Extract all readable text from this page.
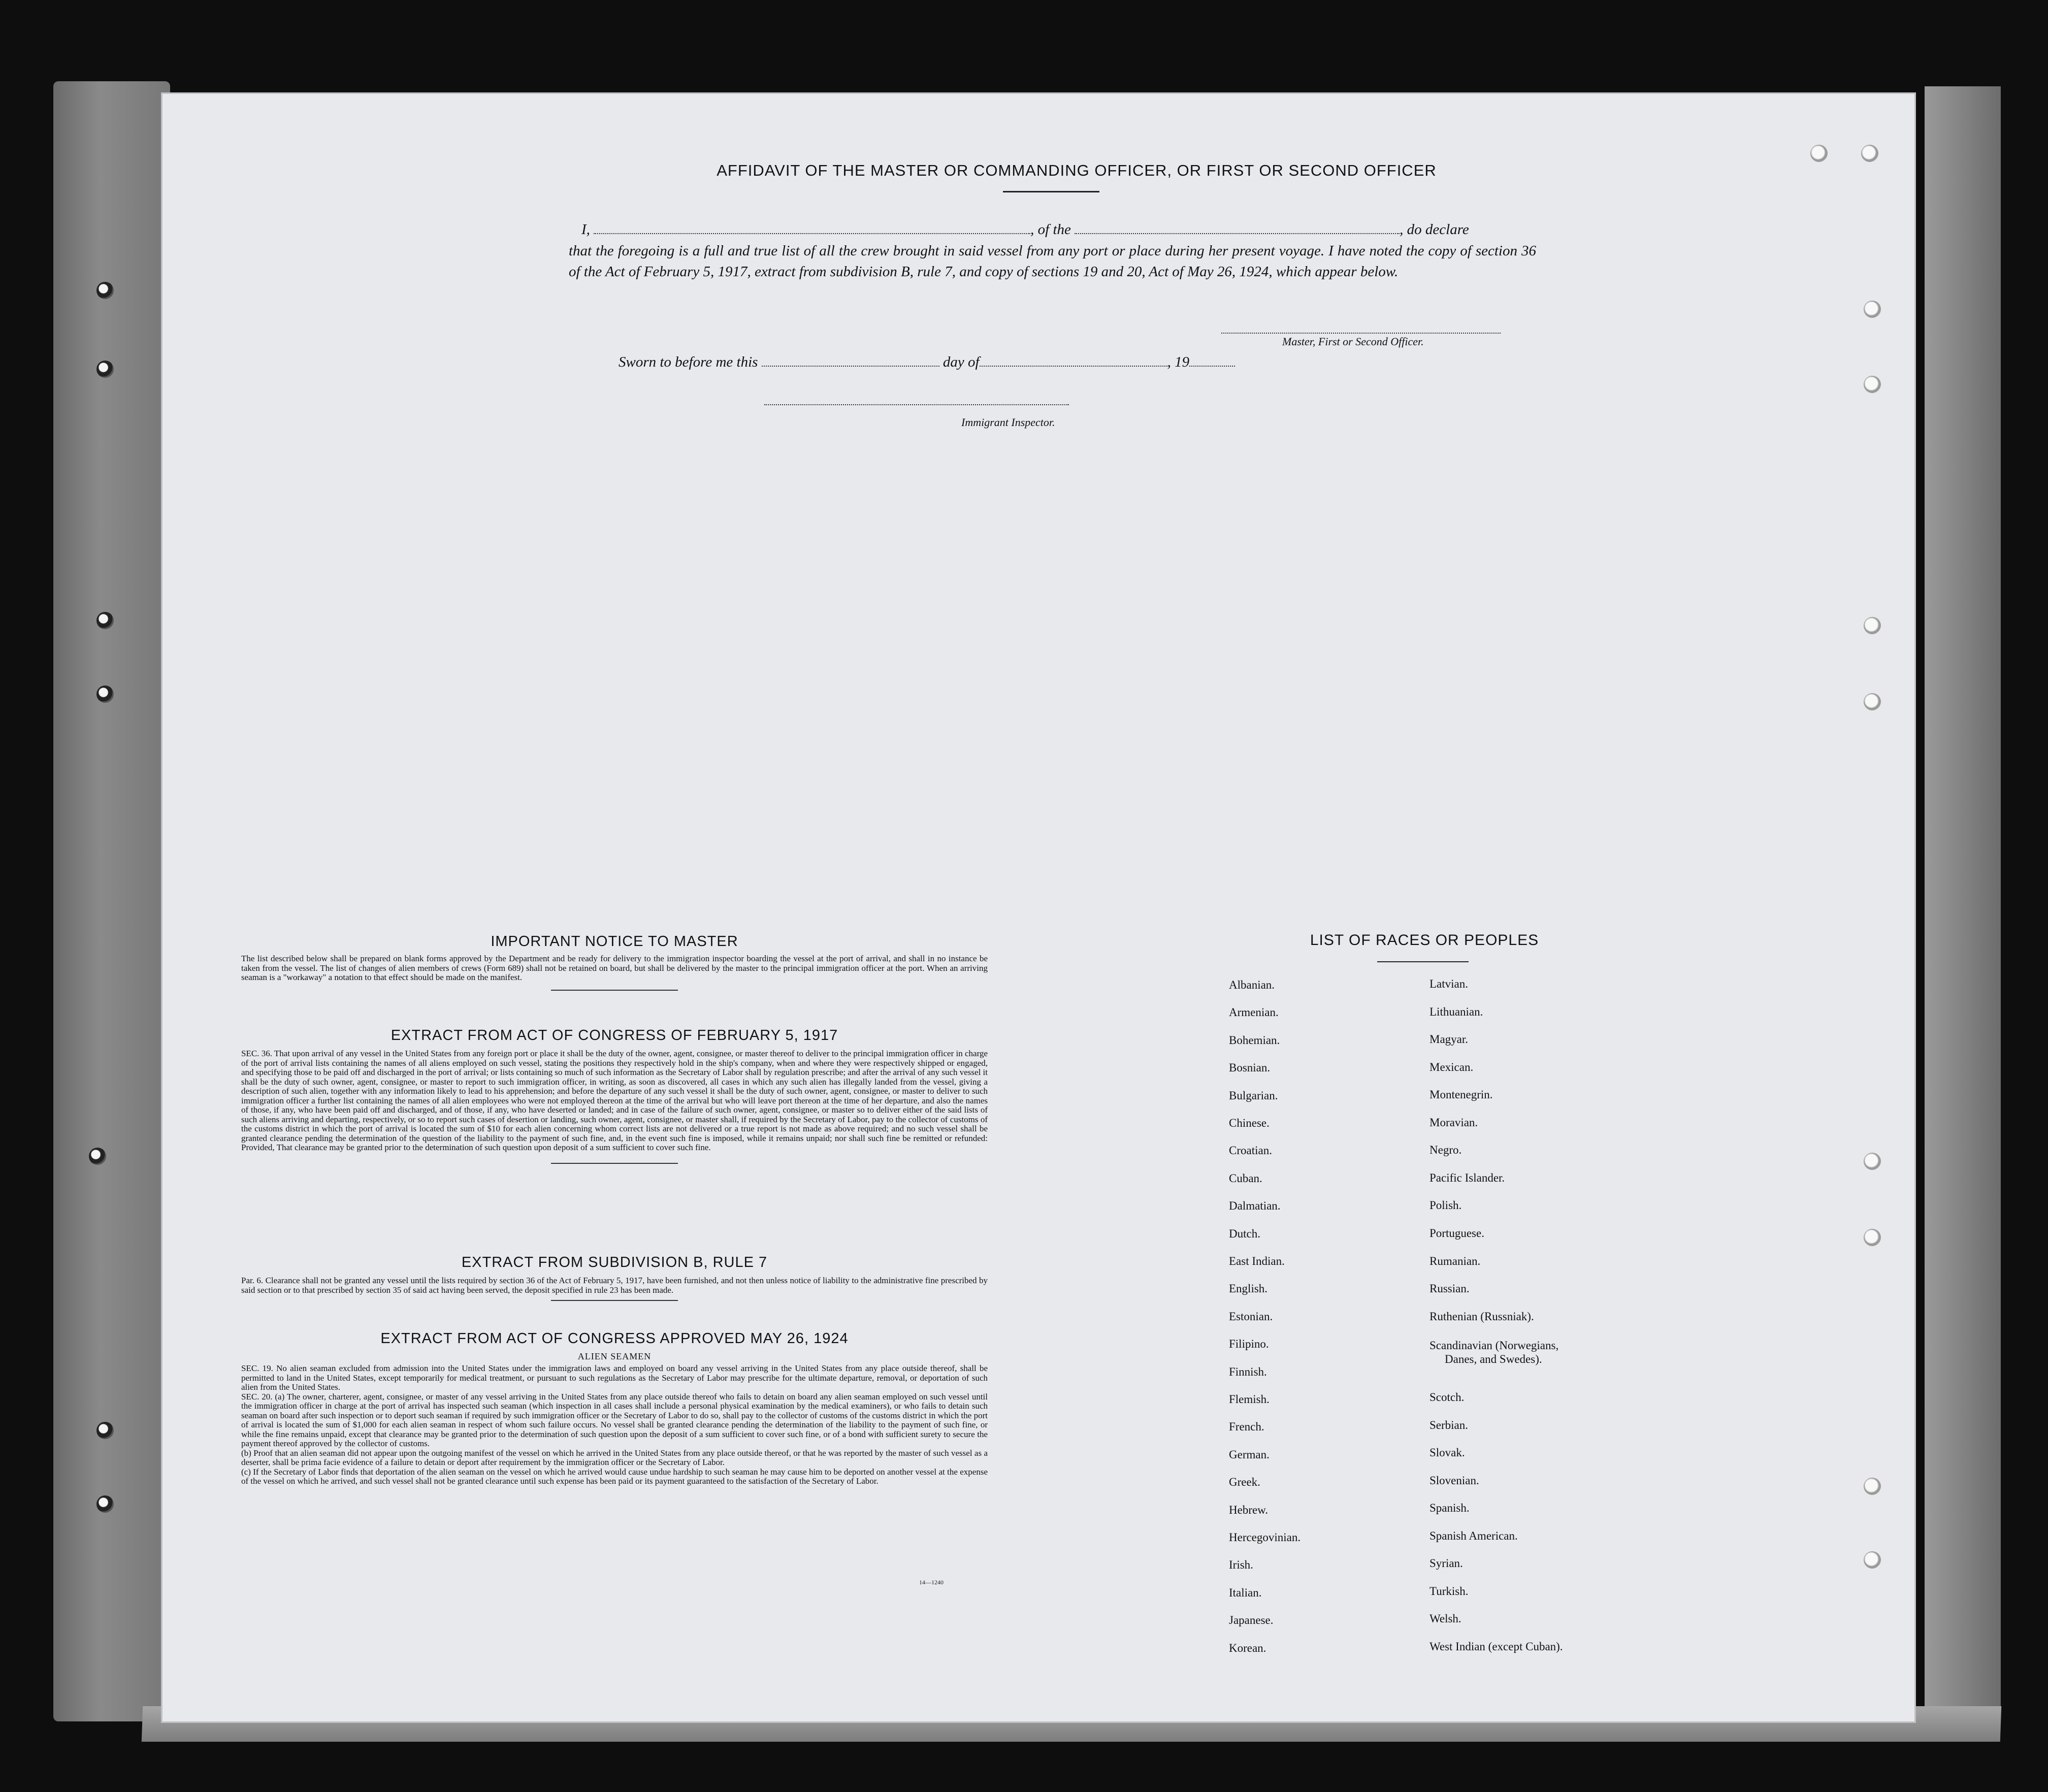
AFFIDAVIT OF THE MASTER OR COMMANDING OFFICER, OR FIRST OR SECOND OFFICER
I,	, of the	, do declare
that the foregoing is a full and true list of all the crew brought in said vessel from any port or place during her present voyage. I have noted the copy of section 36 of the Act of February 5, 1917, extract from subdivision B, rule 7, and copy of sections 19 and 20, Act of May 26, 1924, which appear below.
Master, First or Second Officer.
Sworn to before me this	day of	, 19
Immigrant Inspector.

IMPORTANT NOTICE TO MASTER

The list described below shall be prepared on blank forms approved by the Department and be ready for delivery to the immigration inspector boarding the vessel at the port of arrival, and shall in no instance be taken from the vessel. The list of changes of alien members of crews (Form 689) shall not be retained on board, but shall be delivered by the master to the principal immigration officer at the port. When an arriving seaman is a "workaway" a notation to that effect should be made on the manifest.

EXTRACT FROM ACT OF CONGRESS OF FEBRUARY 5, 1917

SEC. 36. That upon arrival of any vessel in the United States from any foreign port or place it shall be the duty of the owner, agent, consignee, or master thereof to deliver to the principal immigration officer in charge of the port of arrival lists containing the names of all aliens employed on such vessel, stating the positions they respectively hold in the ship's company, when and where they were respectively shipped or engaged, and specifying those to be paid off and discharged in the port of arrival; or lists containing so much of such information as the Secretary of Labor shall by regulation prescribe; and after the arrival of any such vessel it shall be the duty of such owner, agent, consignee, or master to report to such immigration officer, in writing, as soon as discovered, all cases in which any such alien has illegally landed from the vessel, giving a description of such alien, together with any information likely to lead to his apprehension; and before the departure of any such vessel it shall be the duty of such owner, agent, consignee, or master to deliver to such immigration officer a further list containing the names of all alien employees who were not employed thereon at the time of the arrival but who will leave port thereon at the time of her departure, and also the names of those, if any, who have been paid off and discharged, and of those, if any, who have deserted or landed; and in case of the failure of such owner, agent, consignee, or master so to deliver either of the said lists of such aliens arriving and departing, respectively, or so to report such cases of desertion or landing, such owner, agent, consignee, or master shall, if required by the Secretary of Labor, pay to the collector of customs of the customs district in which the port of arrival is located the sum of $10 for each alien concerning whom correct lists are not delivered or a true report is not made as above required; and no such vessel shall be granted clearance pending the determination of the question of the liability to the payment of such fine, and, in the event such fine is imposed, while it remains unpaid; nor shall such fine be remitted or refunded: Provided, That clearance may be granted prior to the determination of such question upon deposit of a sum sufficient to cover such fine.

EXTRACT FROM SUBDIVISION B, RULE 7

Par. 6. Clearance shall not be granted any vessel until the lists required by section 36 of the Act of February 5, 1917, have been furnished, and not then unless notice of liability to the administrative fine prescribed by said section or to that prescribed by section 35 of said act having been served, the deposit specified in rule 23 has been made.

EXTRACT FROM ACT OF CONGRESS APPROVED MAY 26, 1924

ALIEN SEAMEN

SEC. 19. No alien seaman excluded from admission into the United States under the immigration laws and employed on board any vessel arriving in the United States from any place outside thereof, shall be permitted to land in the United States, except temporarily for medical treatment, or pursuant to such regulations as the Secretary of Labor may prescribe for the ultimate departure, removal, or deportation of such alien from the United States.

SEC. 20. (a) The owner, charterer, agent, consignee, or master of any vessel arriving in the United States from any place outside thereof who fails to detain on board any alien seaman employed on such vessel until the immigration officer in charge at the port of arrival has inspected such seaman (which inspection in all cases shall include a personal physical examination by the medical examiners), or who fails to detain such seaman on board after such inspection or to deport such seaman if required by such immigration officer or the Secretary of Labor to do so, shall pay to the collector of customs of the customs district in which the port of arrival is located the sum of $1,000 for each alien seaman in respect of whom such failure occurs. No vessel shall be granted clearance pending the determination of the liability to the payment of such fine, or while the fine remains unpaid, except that clearance may be granted prior to the determination of such question upon the deposit of a sum sufficient to cover such fine, or of a bond with sufficient surety to secure the payment thereof approved by the collector of customs.

(b) Proof that an alien seaman did not appear upon the outgoing manifest of the vessel on which he arrived in the United States from any place outside thereof, or that he was reported by the master of such vessel as a deserter, shall be prima facie evidence of a failure to detain or deport after requirement by the immigration officer or the Secretary of Labor.

(c) If the Secretary of Labor finds that deportation of the alien seaman on the vessel on which he arrived would cause undue hardship to such seaman he may cause him to be deported on another vessel at the expense of the vessel on which he arrived, and such vessel shall not be granted clearance until such expense has been paid or its payment guaranteed to the satisfaction of the Secretary of Labor.

14—1240
LIST OF RACES OR PEOPLES
Albanian.
Armenian.
Bohemian.
Bosnian.
Bulgarian.
Chinese.
Croatian.
Cuban.
Dalmatian.
Dutch.
East Indian.
English.
Estonian.
Filipino.
Finnish.
Flemish.
French.
German.
Greek.
Hebrew.
Hercegovinian.
Irish.
Italian.
Japanese.
Korean.
Latvian.
Lithuanian.
Magyar.
Mexican.
Montenegrin.
Moravian.
Negro.
Pacific Islander.
Polish.
Portuguese.
Rumanian.
Russian.
Ruthenian (Russniak).
Scandinavian (Norwegians,
Danes, and Swedes).
Scotch.
Serbian.
Slovak.
Slovenian.
Spanish.
Spanish American.
Syrian.
Turkish.
Welsh.
West Indian (except Cuban).
